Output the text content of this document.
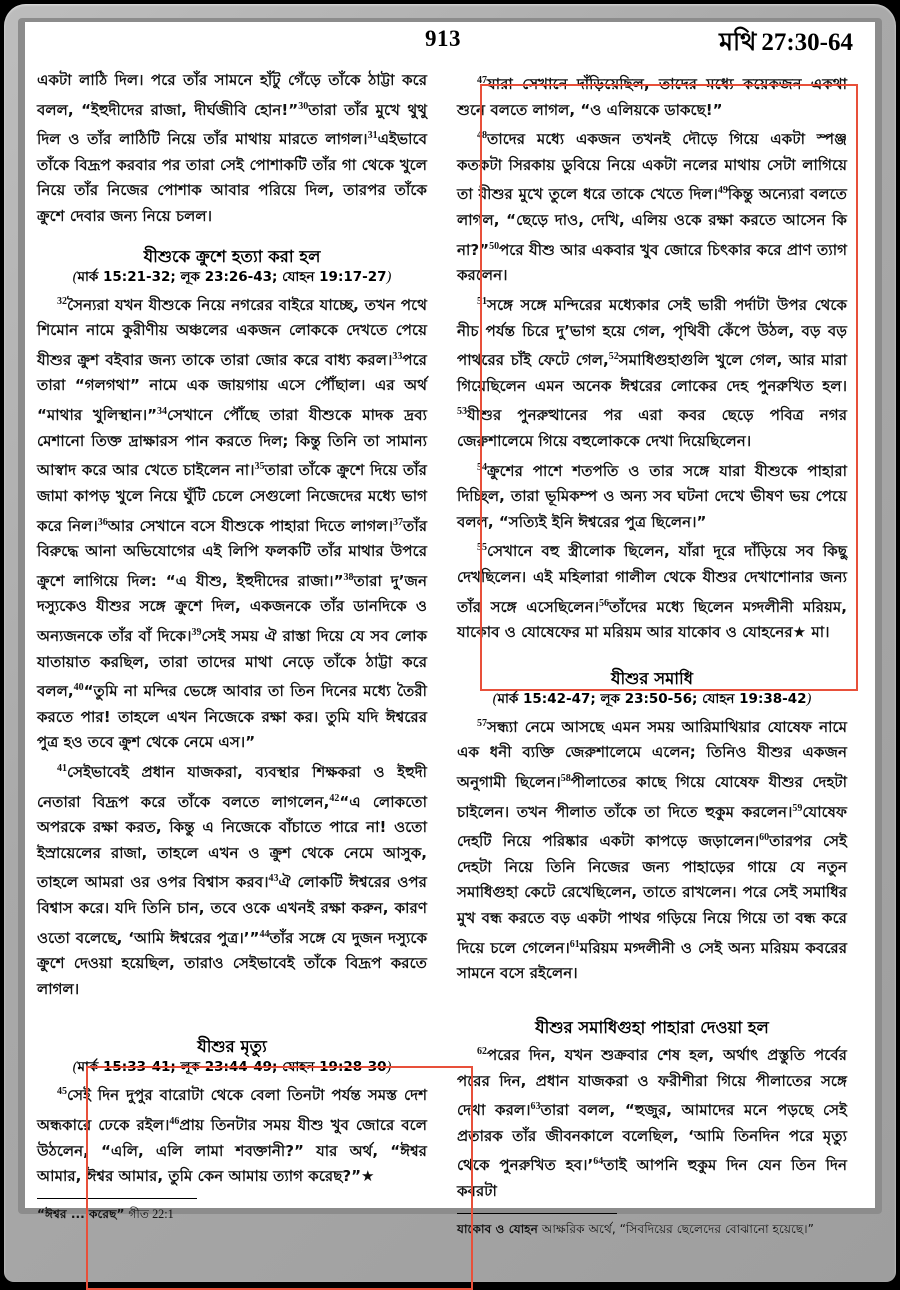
913	মথি 27:30-64

একটা লাঠি দিল। পরে তাঁর সামনে হাঁটু গেঁড়ে তাঁকে ঠাট্টা করে বলল, “ইহুদীদের রাজা, দীর্ঘজীবি হোন!”$^{30}$তারা তাঁর মুখে থুথু দিল ও তাঁর লাঠিটি নিয়ে তাঁর মাথায় মারতে লাগল।$^{31}$এইভাবে তাঁকে বিদ্রূপ করবার পর তারা সেই পোশাকটি তাঁর গা থেকে খুলে নিয়ে তাঁর নিজের পোশাক আবার পরিয়ে দিল, তারপর তাঁকে ক্রুশে দেবার জন্য নিয়ে চলল।

যীশুকে ক্রুশে হত্যা করা হল
(মার্ক 15:21-32; লূক 23:26-43; যোহন 19:17-27)

$^{32}$সৈন্যরা যখন যীশুকে নিয়ে নগরের বাইরে যাচ্ছে, তখন পথে শিমোন নামে কুরীণীয় অঞ্চলের একজন লোককে দেখতে পেয়ে যীশুর ক্রুশ বইবার জন্য তাকে তারা জোর করে বাধ্য করল।$^{33}$পরে তারা “গলগথা” নামে এক জায়গায় এসে পৌঁছাল। এর অর্থ “মাথার খুলিস্থান।”$^{34}$সেখানে পৌঁছে তারা যীশুকে মাদক দ্রব্য মেশানো তিক্ত দ্রাক্ষারস পান করতে দিল; কিন্তু তিনি তা সামান্য আস্বাদ করে আর খেতে চাইলেন না।$^{35}$তারা তাঁকে ক্রুশে দিয়ে তাঁর জামা কাপড় খুলে নিয়ে ঘুঁটি চেলে সেগুলো নিজেদের মধ্যে ভাগ করে নিল।$^{36}$আর সেখানে বসে যীশুকে পাহারা দিতে লাগল।$^{37}$তাঁর বিরুদ্ধে আনা অভিযোগের এই লিপি ফলকটি তাঁর মাথার উপরে ক্রুশে লাগিয়ে দিল: “এ যীশু, ইহুদীদের রাজা।”$^{38}$তারা দু’জন দস্যুকেও যীশুর সঙ্গে ক্রুশে দিল, একজনকে তাঁর ডানদিকে ও অন্যজনকে তাঁর বাঁ দিকে।$^{39}$সেই সময় ঐ রাস্তা দিয়ে যে সব লোক যাতায়াত করছিল, তারা তাদের মাথা নেড়ে তাঁকে ঠাট্টা করে বলল,$^{40}$“তুমি না মন্দির ভেঙ্গে আবার তা তিন দিনের মধ্যে তৈরী করতে পার! তাহলে এখন নিজেকে রক্ষা কর। তুমি যদি ঈশ্বরের পুত্র হও তবে ক্রুশ থেকে নেমে এস।”

$^{41}$সেইভাবেই প্রধান যাজকরা, ব্যবস্থার শিক্ষকরা ও ইহুদী নেতারা বিদ্রূপ করে তাঁকে বলতে লাগলেন,$^{42}$“এ লোকতো অপরকে রক্ষা করত, কিন্তু এ নিজেকে বাঁচাতে পারে না! ওতো ইস্রায়েলের রাজা, তাহলে এখন ও ক্রুশ থেকে নেমে আসুক, তাহলে আমরা ওর ওপর বিশ্বাস করব।$^{43}$ঐ লোকটি ঈশ্বরের ওপর বিশ্বাস করে। যদি তিনি চান, তবে ওকে এখনই রক্ষা করুন, কারণ ওতো বলেছে, ‘আমি ঈশ্বরের পুত্র।’”$^{44}$তাঁর সঙ্গে যে দুজন দস্যুকে ক্রুশে দেওয়া হয়েছিল, তারাও সেইভাবেই তাঁকে বিদ্রূপ করতে লাগল।

যীশুর মৃত্যু
(মার্ক 15:33-41; লূক 23:44-49; যোহন 19:28-30)

$^{45}$সেই দিন দুপুর বারোটা থেকে বেলা তিনটা পর্যন্ত সমস্ত দেশ অন্ধকারে ঢেকে রইল।$^{46}$প্রায় তিনটার সময় যীশু খুব জোরে বলে উঠলেন, “এলি, এলি লামা শবক্তানী?” যার অর্থ, “ঈশ্বর আমার, ঈশ্বর আমার, তুমি কেন আমায় ত্যাগ করেছ?”★

“ঈশ্বর ... করেছ” গীত 22:1

$^{47}$যারা সেখানে দাঁড়িয়েছিল, তাদের মধ্যে কয়েকজন একথা শুনে বলতে লাগল, “ও এলিয়কে ডাকছে!”

$^{48}$তাদের মধ্যে একজন তখনই দৌড়ে গিয়ে একটা স্পঞ্জ কতকটা সিরকায় ডুবিয়ে নিয়ে একটা নলের মাথায় সেটা লাগিয়ে তা যীশুর মুখে তুলে ধরে তাকে খেতে দিল।$^{49}$কিন্তু অন্যেরা বলতে লাগল, “ছেড়ে দাও, দেখি, এলিয় ওকে রক্ষা করতে আসেন কি না?”$^{50}$পরে যীশু আর একবার খুব জোরে চিৎকার করে প্রাণ ত্যাগ করলেন।

$^{51}$সঙ্গে সঙ্গে মন্দিরের মধ্যেকার সেই ভারী পর্দাটা উপর থেকে নীচ পর্যন্ত চিরে দু’ভাগ হয়ে গেল, পৃথিবী কেঁপে উঠল, বড় বড় পাথরের চাঁই ফেটে গেল,$^{52}$সমাধিগুহাগুলি খুলে গেল, আর মারা গিয়েছিলেন এমন অনেক ঈশ্বরের লোকের দেহ পুনরুখিত হল।$^{53}$যীশুর পুনরুত্থানের পর এরা কবর ছেড়ে পবিত্র নগর জেরুশালেমে গিয়ে বহুলোককে দেখা দিয়েছিলেন।

$^{54}$ক্রুশের পাশে শতপতি ও তার সঙ্গে যারা যীশুকে পাহারা দিচ্ছিল, তারা ভূমিকম্প ও অন্য সব ঘটনা দেখে ভীষণ ভয় পেয়ে বলল, “সত্যিই ইনি ঈশ্বরের পুত্র ছিলেন।”

$^{55}$সেখানে বহু স্ত্রীলোক ছিলেন, যাঁরা দূরে দাঁড়িয়ে সব কিছু দেখছিলেন। এই মহিলারা গালীল থেকে যীশুর দেখাশোনার জন্য তাঁর সঙ্গে এসেছিলেন।$^{56}$তাঁদের মধ্যে ছিলেন মগ্দলীনী মরিয়ম, যাকোব ও যোষেফের মা মরিয়ম আর যাকোব ও যোহনের★ মা।

যীশুর সমাধি
(মার্ক 15:42-47; লূক 23:50-56; যোহন 19:38-42)

$^{57}$সন্ধ্যা নেমে আসছে এমন সময় আরিমাথিয়ার যোষেফ নামে এক ধনী ব্যক্তি জেরুশালেমে এলেন; তিনিও যীশুর একজন অনুগামী ছিলেন।$^{58}$পীলাতের কাছে গিয়ে যোষেফ যীশুর দেহটা চাইলেন। তখন পীলাত তাঁকে তা দিতে হুকুম করলেন।$^{59}$যোষেফ দেহটি নিয়ে পরিষ্কার একটা কাপড়ে জড়ালেন।$^{60}$তারপর সেই দেহটা নিয়ে তিনি নিজের জন্য পাহাড়ের গায়ে যে নতুন সমাধিগুহা কেটে রেখেছিলেন, তাতে রাখলেন। পরে সেই সমাধির মুখ বন্ধ করতে বড় একটা পাথর গড়িয়ে নিয়ে গিয়ে তা বন্ধ করে দিয়ে চলে গেলেন।$^{61}$মরিয়ম মগ্দলীনী ও সেই অন্য মরিয়ম কবরের সামনে বসে রইলেন।

যীশুর সমাধিগুহা পাহারা দেওয়া হল

$^{62}$পরের দিন, যখন শুক্রবার শেষ হল, অর্থাৎ প্রস্তুতি পর্বের পরের দিন, প্রধান যাজকরা ও ফরীশীরা গিয়ে পীলাতের সঙ্গে দেখা করল।$^{63}$তারা বলল, “হুজুর, আমাদের মনে পড়ছে সেই প্রতারক তাঁর জীবনকালে বলেছিল, ‘আমি তিনদিন পরে মৃত্যু থেকে পুনরুখিত হব।’$^{64}$তাই আপনি হুকুম দিন যেন তিন দিন কবরটা

যাকোব ও যোহন আক্ষরিক অর্থে, “সিবদিয়ের ছেলেদের বোঝানো হয়েছে।”
